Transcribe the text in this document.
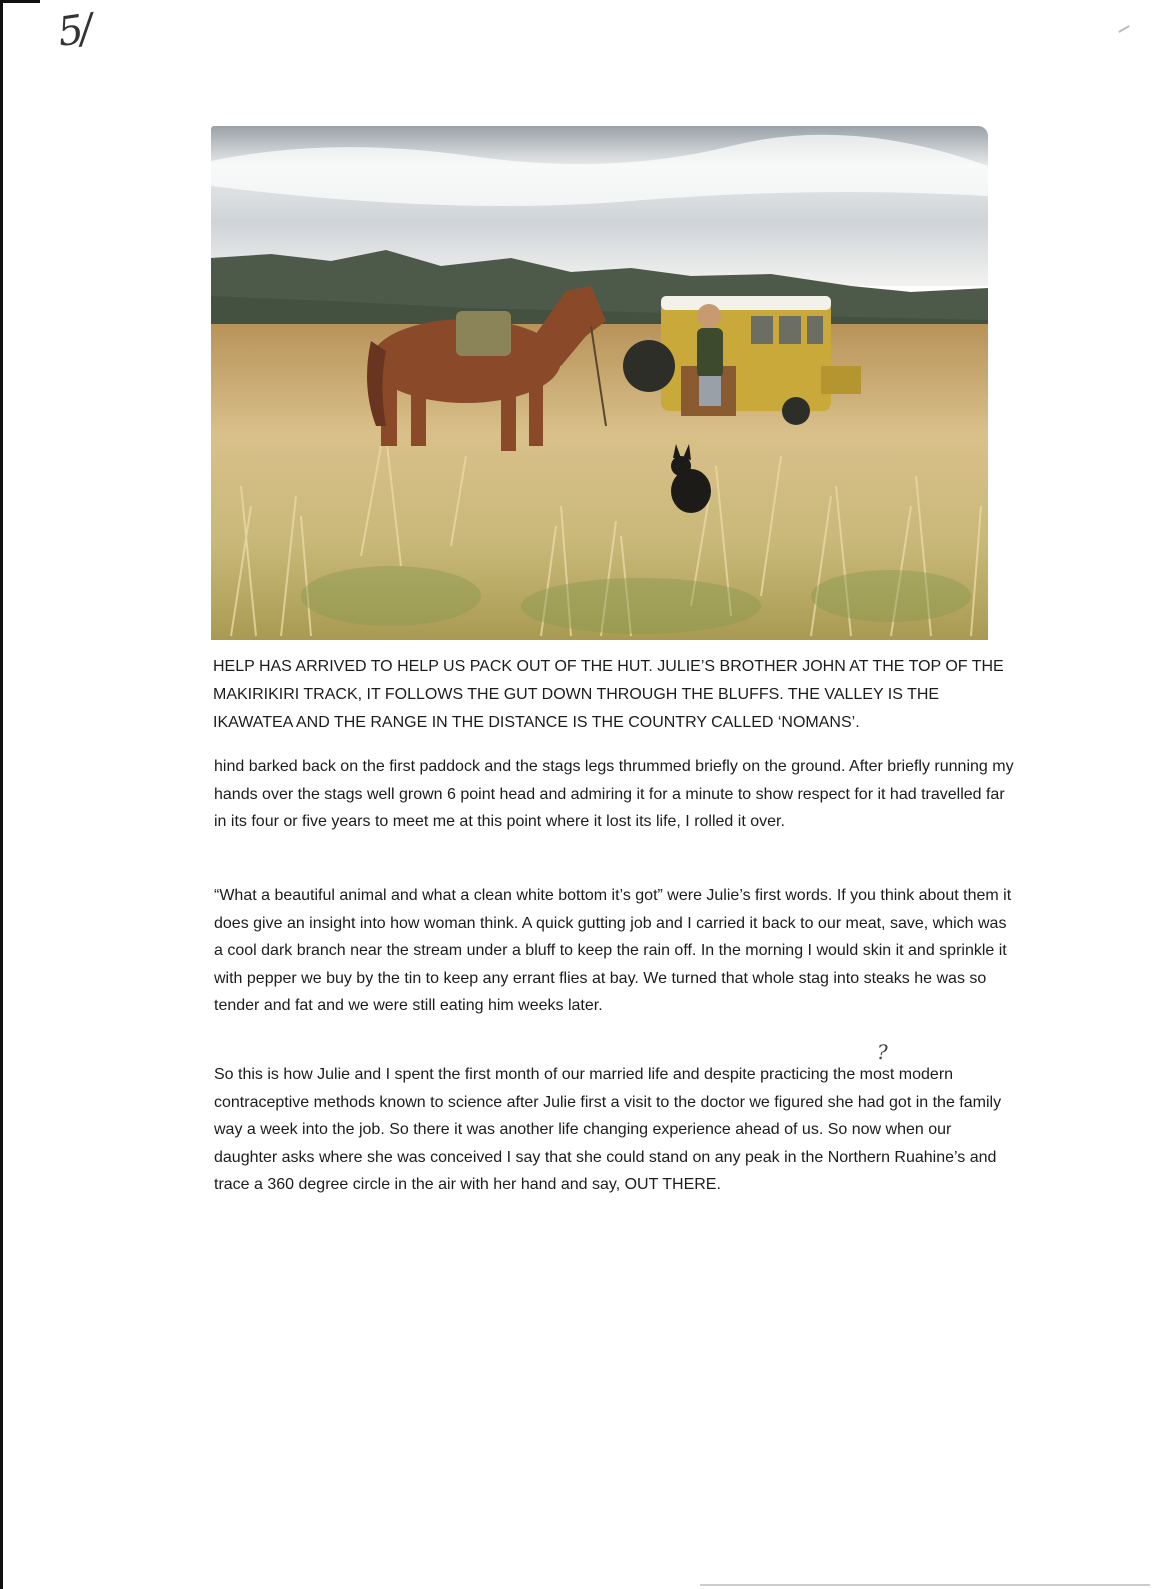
5/

HELP HAS ARRIVED TO HELP US PACK OUT OF THE HUT. JULIE’S BROTHER JOHN AT THE TOP OF THE MAKIRIKIRI TRACK, IT FOLLOWS THE GUT DOWN THROUGH THE BLUFFS. THE VALLEY IS THE IKAWATEA AND THE RANGE IN THE DISTANCE IS THE COUNTRY CALLED ‘NOMANS’.

hind barked back on the first paddock and the stags legs thrummed briefly on the ground. After briefly running my hands over the stags well grown 6 point head and admiring it for a minute to show respect for it had travelled far in its four or five years to meet me at this point where it lost its life, I rolled it over.

“What a beautiful animal and what a clean white bottom it’s got” were Julie’s first words. If you think about them it does give an insight into how woman think. A quick gutting job and I carried it back to our meat, save, which was a cool dark branch near the stream under a bluff to keep the rain off. In the morning I would skin it and sprinkle it with pepper we buy by the tin to keep any errant flies at bay. We turned that whole stag into steaks he was so tender and fat and we were still eating him weeks later.

?

So this is how Julie and I spent the first month of our married life and despite practicing the most modern contraceptive methods known to science after Julie first a visit to the doctor we figured she had got in the family way a week into the job. So there it was another life changing experience ahead of us. So now when our daughter asks where she was conceived I say that she could stand on any peak in the Northern Ruahine’s and trace a 360 degree circle in the air with her hand and say, OUT THERE.
